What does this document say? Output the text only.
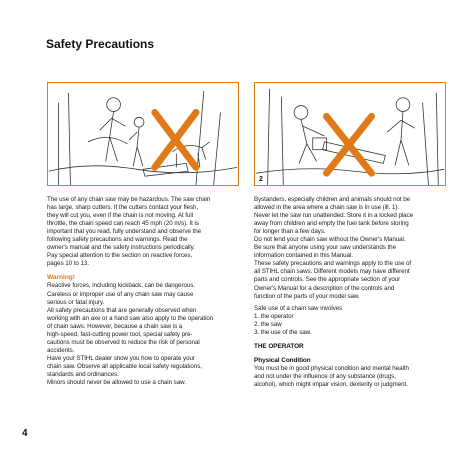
Safety Precautions
2

The use of any chain saw may be hazardous. The saw chain

has large, sharp cutters. If the cutters contact your flesh,

they will cut you, even if the chain is not moving. At full

throttle, the chain speed can reach 45 mph (20 m/s). It is

important that you read, fully understand and observe the

following safety precautions and warnings. Read the

owner's manual and the safety instructions periodically.

Pay special attention to the section on reactive forces,

pages 10 to 13.

Warning!

Reactive forces, including kickback, can be dangerous.

Careless or improper use of any chain saw may cause

serious or fatal injury.

All safety precautions that are generally observed when

working with an axe or a hand saw also apply to the operation

of chain saws. However, because a chain saw is a

high-speed, fast-cutting power tool, special safety pre-

cautions must be observed to reduce the risk of personal

accidents.

Have your STIHL dealer show you how to operate your

chain saw. Observe all applicable local safety regulations,

standards and ordinances.

Minors should never be allowed to use a chain saw.

Bystanders, especially children and animals should not be

allowed in the area where a chain saw is in use (ill. 1).

Never let the saw run unattended. Store it in a locked place

away from children and empty the fuel tank before storing

for longer than a few days.

Do not lend your chain saw without the Owner's Manual.

Be sure that anyone using your saw understands the

information contained in this Manual.

These safety precautions and warnings apply to the use of

all STIHL chain saws. Different models may have different

parts and controls. See the appropriate section of your

Owner's Manual for a description of the controls and

function of the parts of your model saw.

Safe use of a chain saw involves

1. the operator

2. the saw

3. the use of the saw.

THE OPERATOR

Physical Condition

You must be in good physical condition and mental health

and not under the influence of any substance (drugs,

alcohol), which might impair vision, dexterity or judgment.

4
